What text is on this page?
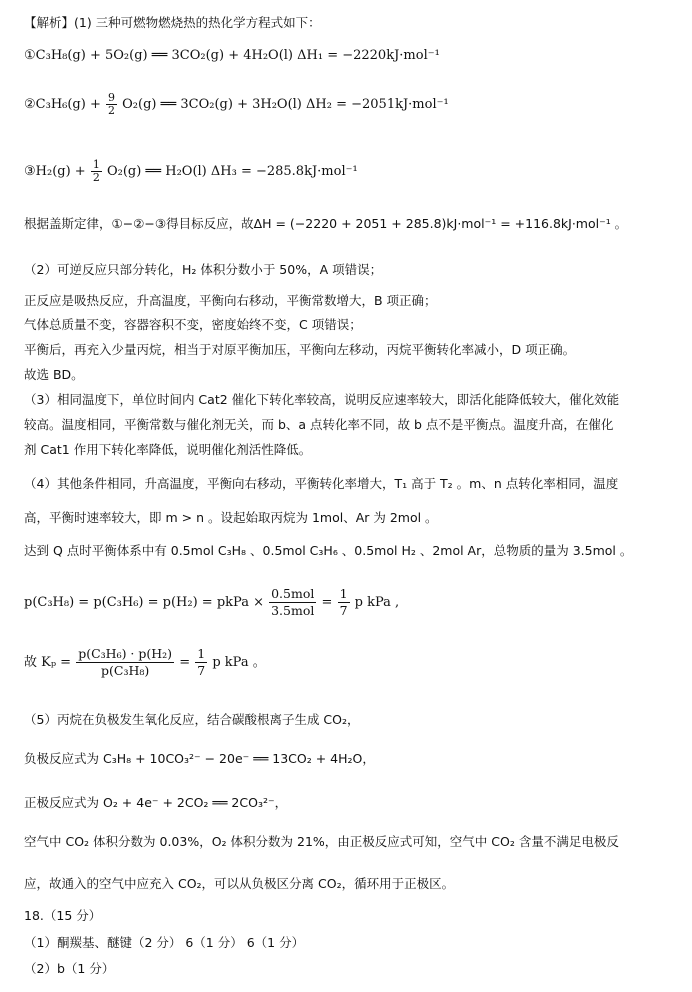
【解析】(1) 三种可燃物燃烧热的热化学方程式如下：
①C₃H₈(g) + 5O₂(g) ══ 3CO₂(g) + 4H₂O(l) ΔH₁ = −2220kJ·mol⁻¹
②C₃H₆(g) + $\frac{9}{2} O_2(g)$ ══ 3CO₂(g) + 3H₂O(l) ΔH₂ = −2051kJ·mol⁻¹
③H₂(g) + $\frac{1}{2} O_2(g)$ ══ H₂O(l) ΔH₃ = −285.8kJ·mol⁻¹
根据盖斯定律，①−②−③得目标反应，故ΔH = (−2220 + 2051 + 285.8)kJ·mol⁻¹ = +116.8kJ·mol⁻¹ 。
（2）可逆反应只部分转化，H₂ 体积分数小于 50%，A 项错误；
正反应是吸热反应，升高温度，平衡向右移动，平衡常数增大，B 项正确；
气体总质量不变，容器容积不变，密度始终不变，C 项错误；
平衡后，再充入少量丙烷，相当于对原平衡加压，平衡向左移动，丙烷平衡转化率减小，D 项正确。
故选 BD。
（3）相同温度下，单位时间内 Cat2 催化下转化率较高，说明反应速率较大，即活化能降低较大，催化效能
较高。温度相同，平衡常数与催化剂无关，而 b、a 点转化率不同，故 b 点不是平衡点。温度升高，在催化
剂 Cat1 作用下转化率降低，说明催化剂活性降低。
（4）其他条件相同，升高温度，平衡向右移动，平衡转化率增大，T₁ 高于 T₂ 。m、n 点转化率相同，温度
高，平衡时速率较大，即 m > n 。设起始取丙烷为 1mol、Ar 为 2mol 。
达到 Q 点时平衡体系中有 0.5mol C₃H₈ 、0.5mol C₃H₆ 、0.5mol H₂ 、2mol Ar，总物质的量为 3.5mol 。
p(C₃H₈) = p(C₃H₆) = p(H₂) = pkPa × $\frac{\text{0.5mol}}{\text{3.5mol}} = \frac{1}{7}$ p kPa ,
故 $K_p = \frac{\text{p(C₃H₆) · p(H₂)}}{\text{p(C₃H₈)}} = \frac{1}{7}$ p kPa 。
（5）丙烷在负极发生氧化反应，结合碳酸根离子生成 CO₂，
负极反应式为 C₃H₈ + 10CO₃²⁻ − 20e⁻ ══ 13CO₂ + 4H₂O，
正极反应式为 O₂ + 4e⁻ + 2CO₂ ══ 2CO₃²⁻，
空气中 CO₂ 体积分数为 0.03%，O₂ 体积分数为 21%，由正极反应式可知，空气中 CO₂ 含量不满足电极反
应，故通入的空气中应充入 CO₂，可以从负极区分离 CO₂，循环用于正极区。
18.（15 分）
（1）酮羰基、醚键（2 分） 6（1 分） 6（1 分）
（2）b（1 分）
